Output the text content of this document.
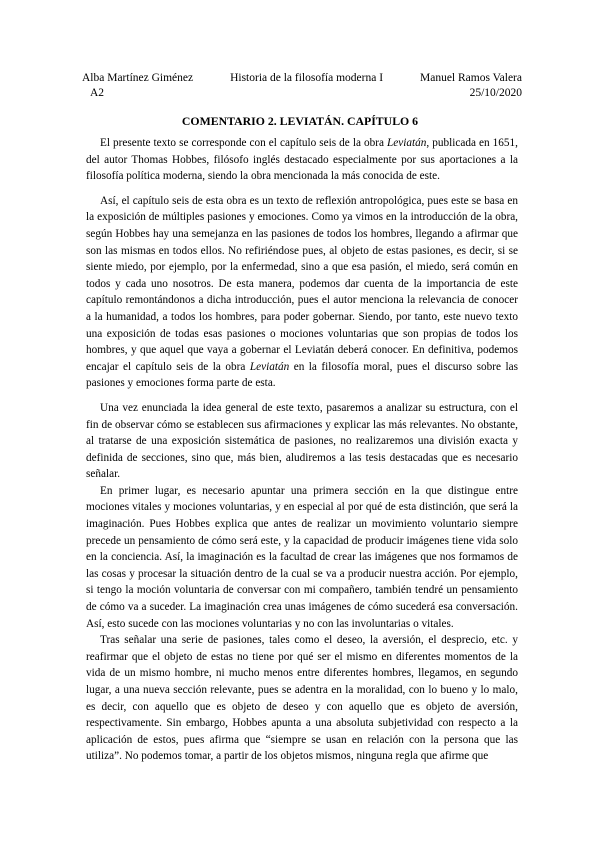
Alba Martínez Giménez	Historia de la filosofía moderna I	Manuel Ramos Valera
A2	25/10/2020
COMENTARIO 2. LEVIATÁN. CAPÍTULO 6

El presente texto se corresponde con el capítulo seis de la obra Leviatán, publicada en 1651, del autor Thomas Hobbes, filósofo inglés destacado especialmente por sus aportaciones a la filosofía política moderna, siendo la obra mencionada la más conocida de este.

Así, el capítulo seis de esta obra es un texto de reflexión antropológica, pues este se basa en la exposición de múltiples pasiones y emociones. Como ya vimos en la introducción de la obra, según Hobbes hay una semejanza en las pasiones de todos los hombres, llegando a afirmar que son las mismas en todos ellos. No refiriéndose pues, al objeto de estas pasiones, es decir, si se siente miedo, por ejemplo, por la enfermedad, sino a que esa pasión, el miedo, será común en todos y cada uno nosotros. De esta manera, podemos dar cuenta de la importancia de este capítulo remontándonos a dicha introducción, pues el autor menciona la relevancia de conocer a la humanidad, a todos los hombres, para poder gobernar. Siendo, por tanto, este nuevo texto una exposición de todas esas pasiones o mociones voluntarias que son propias de todos los hombres, y que aquel que vaya a gobernar el Leviatán deberá conocer. En definitiva, podemos encajar el capítulo seis de la obra Leviatán en la filosofía moral, pues el discurso sobre las pasiones y emociones forma parte de esta.

Una vez enunciada la idea general de este texto, pasaremos a analizar su estructura, con el fin de observar cómo se establecen sus afirmaciones y explicar las más relevantes. No obstante, al tratarse de una exposición sistemática de pasiones, no realizaremos una división exacta y definida de secciones, sino que, más bien, aludiremos a las tesis destacadas que es necesario señalar.

En primer lugar, es necesario apuntar una primera sección en la que distingue entre mociones vitales y mociones voluntarias, y en especial al por qué de esta distinción, que será la imaginación. Pues Hobbes explica que antes de realizar un movimiento voluntario siempre precede un pensamiento de cómo será este, y la capacidad de producir imágenes tiene vida solo en la conciencia. Así, la imaginación es la facultad de crear las imágenes que nos formamos de las cosas y procesar la situación dentro de la cual se va a producir nuestra acción. Por ejemplo, si tengo la moción voluntaria de conversar con mi compañero, también tendré un pensamiento de cómo va a suceder. La imaginación crea unas imágenes de cómo sucederá esa conversación. Así, esto sucede con las mociones voluntarias y no con las involuntarias o vitales.

Tras señalar una serie de pasiones, tales como el deseo, la aversión, el desprecio, etc. y reafirmar que el objeto de estas no tiene por qué ser el mismo en diferentes momentos de la vida de un mismo hombre, ni mucho menos entre diferentes hombres, llegamos, en segundo lugar, a una nueva sección relevante, pues se adentra en la moralidad, con lo bueno y lo malo, es decir, con aquello que es objeto de deseo y con aquello que es objeto de aversión, respectivamente. Sin embargo, Hobbes apunta a una absoluta subjetividad con respecto a la aplicación de estos, pues afirma que “siempre se usan en relación con la persona que las utiliza”. No podemos tomar, a partir de los objetos mismos, ninguna regla que afirme que
